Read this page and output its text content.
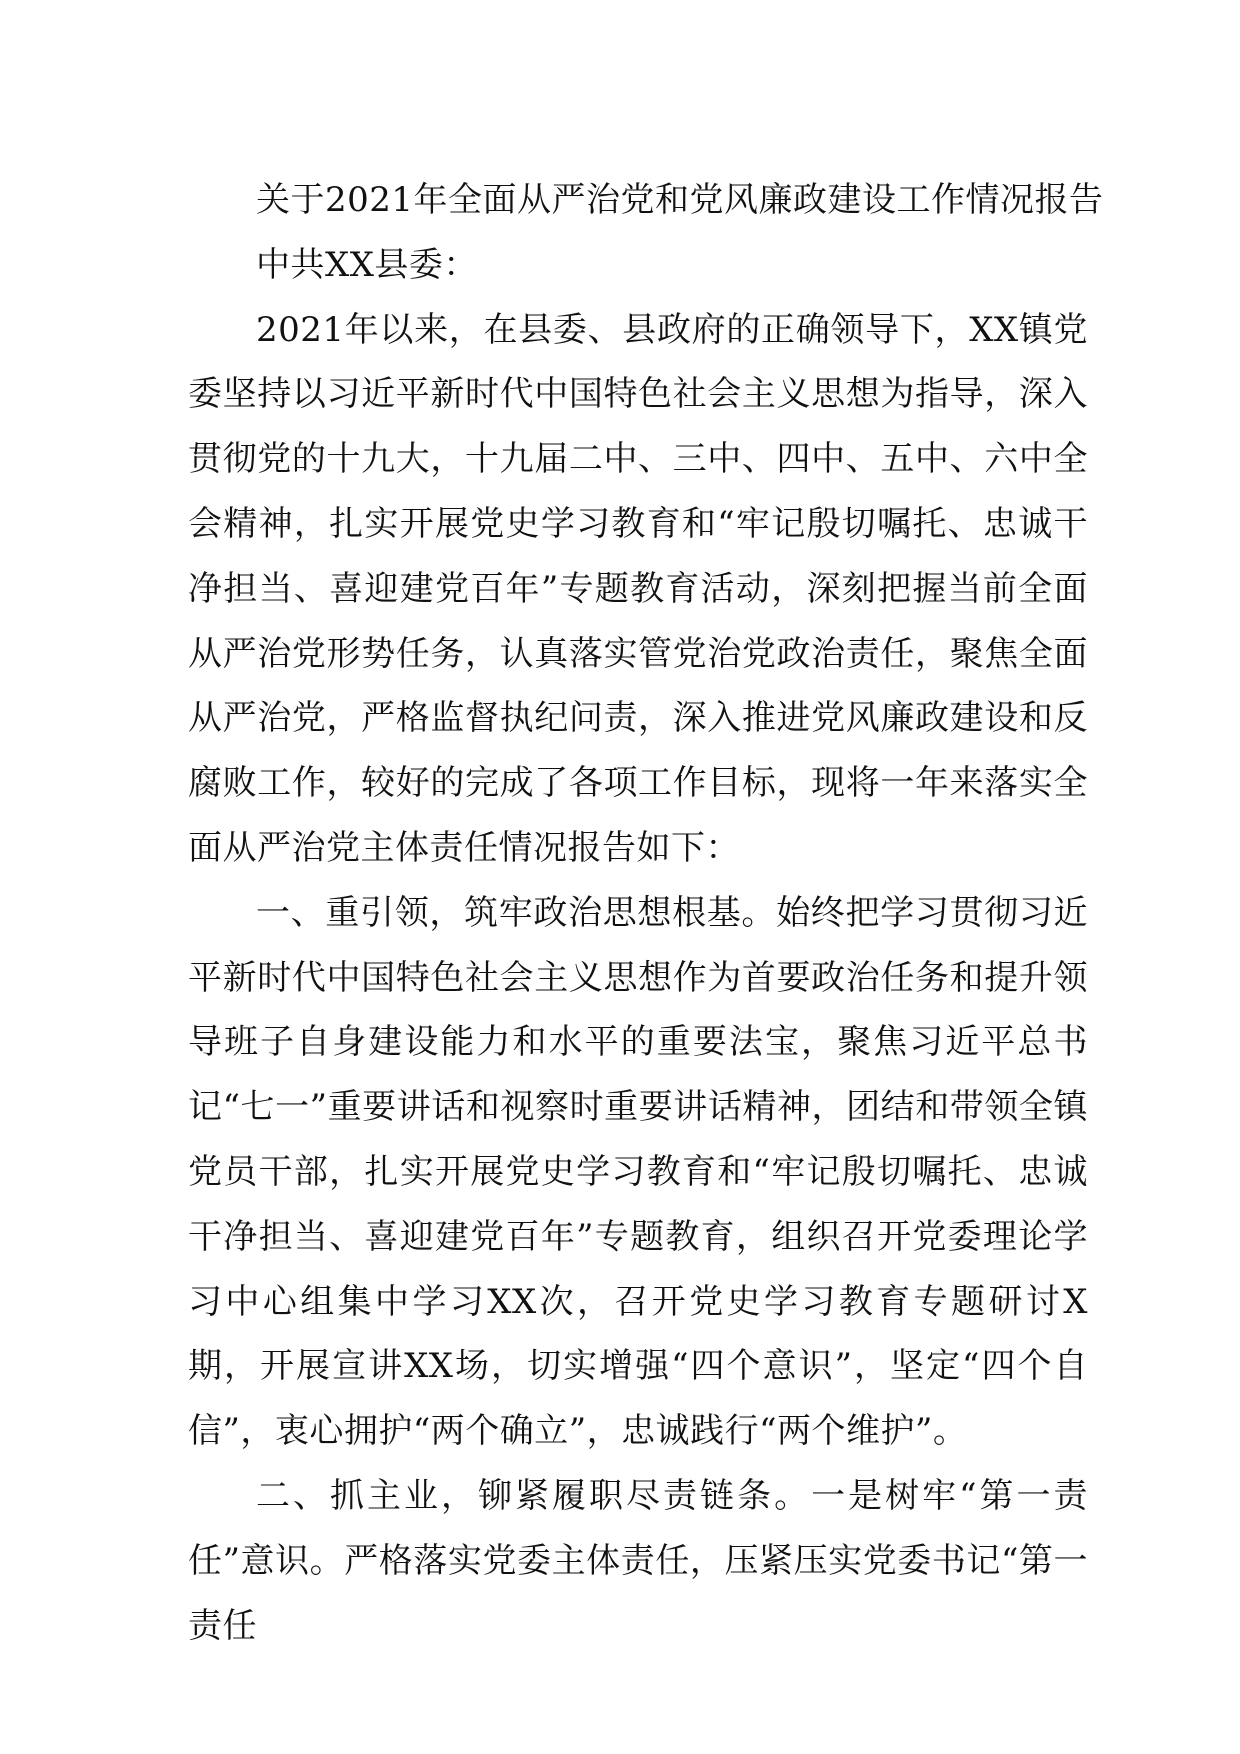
关于2021年全面从严治党和党风廉政建设工作情况报告

中共XX县委：

2021年以来，在县委、县政府的正确领导下，XX镇党委坚持以习近平新时代中国特色社会主义思想为指导，深入贯彻党的十九大，十九届二中、三中、四中、五中、六中全会精神，扎实开展党史学习教育和“牢记殷切嘱托、忠诚干净担当、喜迎建党百年”专题教育活动，深刻把握当前全面从严治党形势任务，认真落实管党治党政治责任，聚焦全面从严治党，严格监督执纪问责，深入推进党风廉政建设和反腐败工作，较好的完成了各项工作目标，现将一年来落实全面从严治党主体责任情况报告如下：

一、重引领，筑牢政治思想根基。始终把学习贯彻习近平新时代中国特色社会主义思想作为首要政治任务和提升领导班子自身建设能力和水平的重要法宝，聚焦习近平总书记“七一”重要讲话和视察时重要讲话精神，团结和带领全镇党员干部，扎实开展党史学习教育和“牢记殷切嘱托、忠诚干净担当、喜迎建党百年”专题教育，组织召开党委理论学习中心组集中学习XX次，召开党史学习教育专题研讨X期，开展宣讲XX场，切实增强“四个意识”，坚定“四个自信”，衷心拥护“两个确立”，忠诚践行“两个维护”。

二、抓主业，铆紧履职尽责链条。一是树牢“第一责任”意识。严格落实党委主体责任，压紧压实党委书记“第一责任
